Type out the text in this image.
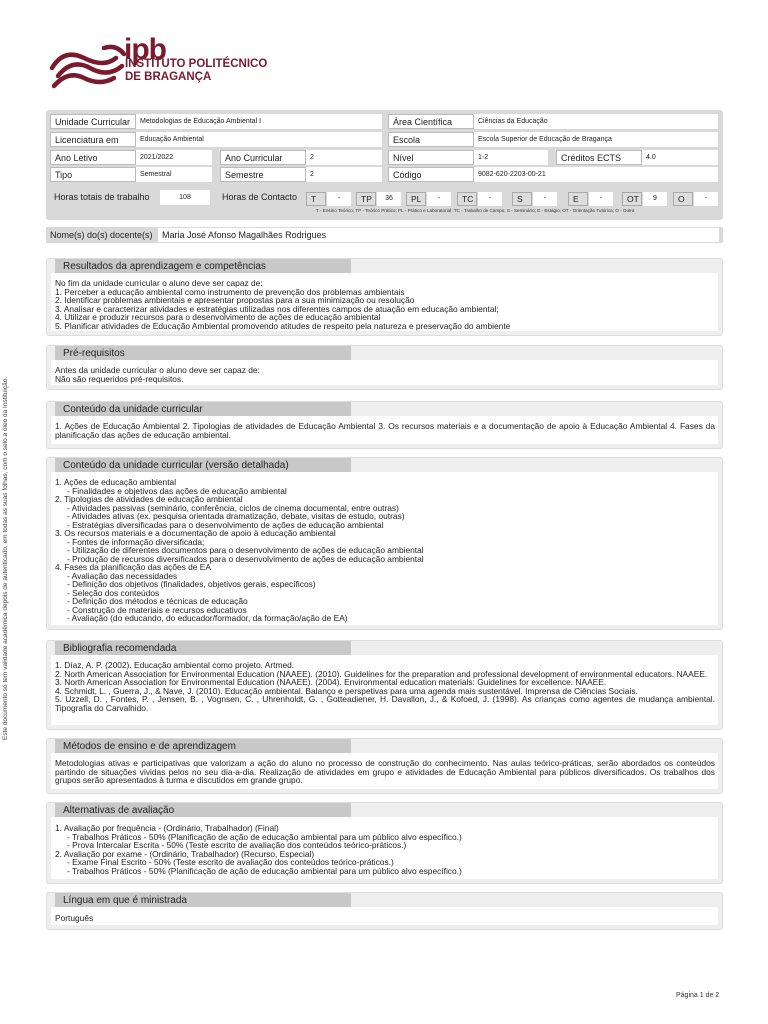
ipb
INSTITUTO POLITÉCNICO
DE BRAGANÇA
Este documento só tem validade acadêmica depois de autenticado, em todas as suas folhas, com o selo a óleo da Instituição.
Unidade Curricular	Metodologias de Educação Ambiental I	Área Científica	Ciências da Educação
Licenciatura em	Educação Ambiental	Escola	Escola Superior de Educação de Bragança
Ano Letivo	2021/2022	Ano Curricular	2	Nível	1-2	Créditos ECTS	4.0
Tipo	Semestral	Semestre	2	Código	9082-620-2203-00-21
Horas totais de trabalho	108	Horas de Contacto	T	-	TP	36	PL	-	TC	-	S	-	E	-	OT	9	O	-
T - Ensino Teórico; TP - Teórico Prático; PL - Prático e Laboratorial; TC - Trabalho de Campo; S - Seminário; E - Estágio; OT - Orientação Tutórica; O - Outra
Nome(s) do(s) docente(s)	Maria José Afonso Magalhães Rodrigues
Resultados da aprendizagem e competências
No fim da unidade curricular o aluno deve ser capaz de:
1. Perceber a educação ambiental como instrumento de prevenção dos problemas ambientais
2. Identificar problemas ambientais e apresentar propostas para a sua minimização ou resolução
3. Analisar e caracterizar atividades e estratégias utilizadas nos diferentes campos de atuação em educação ambiental;
4. Utilizar e produzir recursos para o desenvolvimento de ações de educação ambiental
5. Planificar atividades de Educação Ambiental promovendo atitudes de respeito pela natureza e preservação do ambiente
Pré-requisitos
Antes da unidade curricular o aluno deve ser capaz de:
Não são requeridos pré-requisitos.
Conteúdo da unidade curricular
1. Ações de Educação Ambiental 2. Tipologias de atividades de Educação Ambiental 3. Os recursos materiais e a documentação de apoio à Educação Ambiental 4. Fases da planificação das ações de educação ambiental.
Conteúdo da unidade curricular (versão detalhada)
1. Ações de educação ambiental
- Finalidades e objetivos das ações de educação ambiental
2. Tipologias de atividades de educação ambiental
- Atividades passivas (seminário, conferência, ciclos de cinema documental, entre outras)
- Atividades ativas (ex. pesquisa orientada dramatização, debate, visitas de estudo, outras)
- Estratégias diversificadas para o desenvolvimento de ações de educação ambiental
3. Os recursos materiais e a documentação de apoio à educação ambiental
- Fontes de informação diversificada;
- Utilização de diferentes documentos para o desenvolvimento de ações de educação ambiental
- Produção de recursos diversificados para o desenvolvimento de ações de educação ambiental
4. Fases da planificação das ações de EA
- Avaliação das necessidades
- Definição dos objetivos (finalidades, objetivos gerais, específicos)
- Seleção dos conteúdos
- Definição dos métodos e técnicas de educação
- Construção de materiais e recursos educativos
- Avaliação (do educando, do educador/formador, da formação/ação de EA)
Bibliografia recomendada
1. Díaz, A. P. (2002). Educação ambiental como projeto. Artmed.
2. North American Association for Environmental Education (NAAEE). (2010). Guidelines for the preparation and professional development of environmental educators. NAAEE.
3. North American Association for Environmental Education (NAAEE). (2004). Environmental education materials: Guidelines for excellence. NAAEE.
4. Schmidt, L. , Guerra, J., & Nave, J. (2010). Educação ambiental. Balanço e perspetivas para uma agenda mais sustentável. Imprensa de Ciências Sociais.
5. Uzzell, D. , Fontes, P. , Jensen, B. , Vognsen, C. , Uhrenholdt, G. , Gotteadiener, H. Davallon, J., & Kofoed, J. (1998). As crianças como agentes de mudança ambiental. Tipografia do Carvalhido.
Métodos de ensino e de aprendizagem
Metodologias ativas e participativas que valorizam a ação do aluno no processo de construção do conhecimento. Nas aulas teórico-práticas, serão abordados os conteúdos partindo de situações vividas pelos no seu dia-a-dia. Realização de atividades em grupo e atividades de Educação Ambiental para públicos diversificados. Os trabalhos dos grupos serão apresentados à turma e discutidos em grande grupo.
Alternativas de avaliação
1. Avaliação por frequência - (Ordinário, Trabalhador) (Final)
- Trabalhos Práticos - 50% (Planificação de ação de educação ambiental para um público alvo específico.)
- Prova Intercalar Escrita - 50% (Teste escrito de avaliação dos conteúdos teórico-práticos.)
2. Avaliação por exame - (Ordinário, Trabalhador) (Recurso, Especial)
- Exame Final Escrito - 50% (Teste escrito de avaliação dos conteúdos teórico-práticos.)
- Trabalhos Práticos - 50% (Planificação de ação de educação ambiental para um público alvo específico.)
Língua em que é ministrada
Português
Página 1 de 2
